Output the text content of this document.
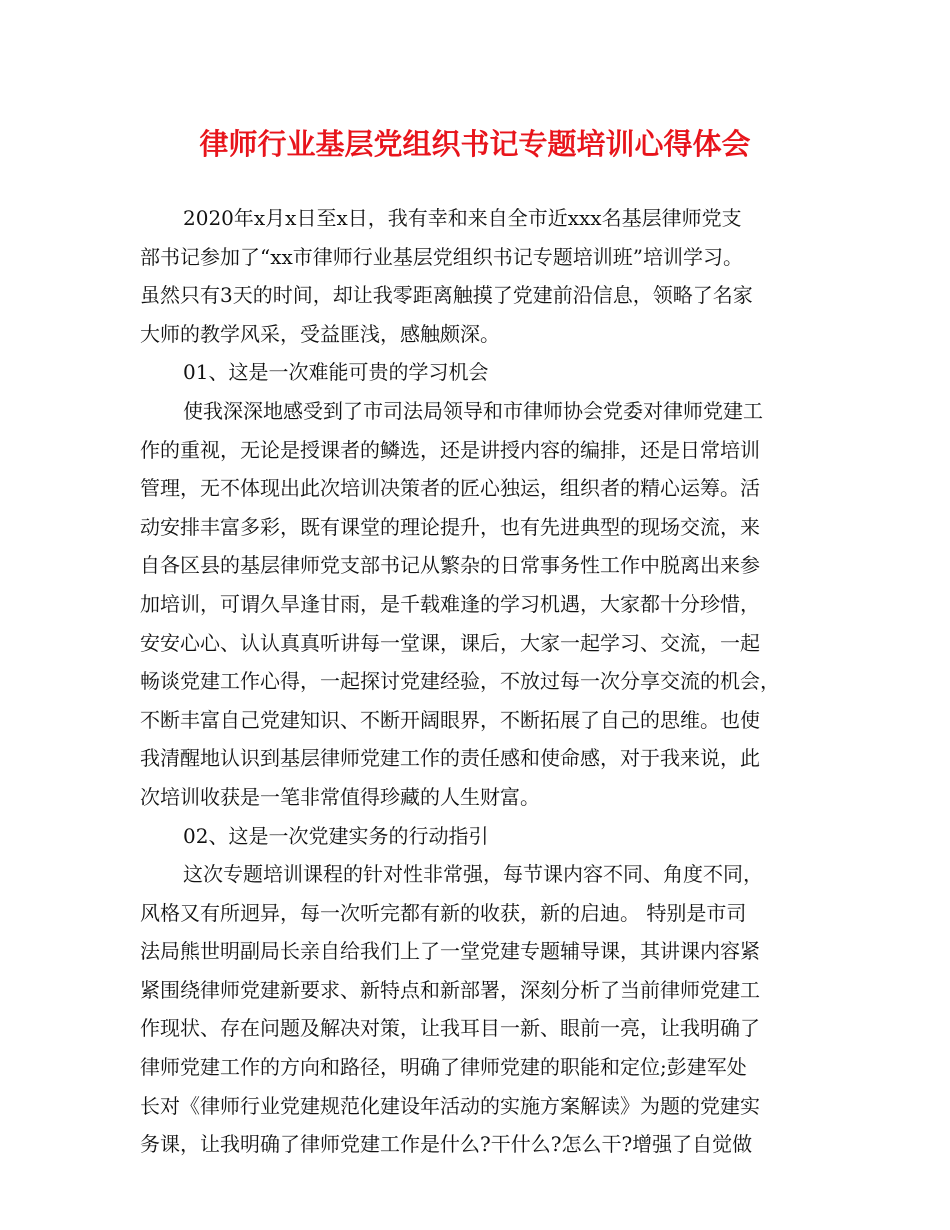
律师行业基层党组织书记专题培训心得体会
2020年x月x日至x日，我有幸和来自全市近xxx名基层律师党支
部书记参加了“xx市律师行业基层党组织书记专题培训班”培训学习。
虽然只有3天的时间，却让我零距离触摸了党建前沿信息，领略了名家
大师的教学风采，受益匪浅，感触颇深。
01、这是一次难能可贵的学习机会
使我深深地感受到了市司法局领导和市律师协会党委对律师党建工
作的重视，无论是授课者的鳞选，还是讲授内容的编排，还是日常培训
管理，无不体现出此次培训决策者的匠心独运，组织者的精心运筹。活
动安排丰富多彩，既有课堂的理论提升，也有先进典型的现场交流，来
自各区县的基层律师党支部书记从繁杂的日常事务性工作中脱离出来参
加培训，可谓久旱逢甘雨，是千载难逢的学习机遇，大家都十分珍惜，
安安心心、认认真真听讲每一堂课，课后，大家一起学习、交流，一起
畅谈党建工作心得，一起探讨党建经验，不放过每一次分享交流的机会，
不断丰富自己党建知识、不断开阔眼界，不断拓展了自己的思维。也使
我清醒地认识到基层律师党建工作的责任感和使命感，对于我来说，此
次培训收获是一笔非常值得珍藏的人生财富。
02、这是一次党建实务的行动指引
这次专题培训课程的针对性非常强，每节课内容不同、角度不同，
风格又有所迥异，每一次听完都有新的收获，新的启迪。 特别是市司
法局熊世明副局长亲自给我们上了一堂党建专题辅导课，其讲课内容紧
紧围绕律师党建新要求、新特点和新部署，深刻分析了当前律师党建工
作现状、存在问题及解决对策，让我耳目一新、眼前一亮，让我明确了
律师党建工作的方向和路径，明确了律师党建的职能和定位;彭建军处
长对《律师行业党建规范化建设年活动的实施方案解读》为题的党建实
务课，让我明确了律师党建工作是什么?干什么?怎么干?增强了自觉做
